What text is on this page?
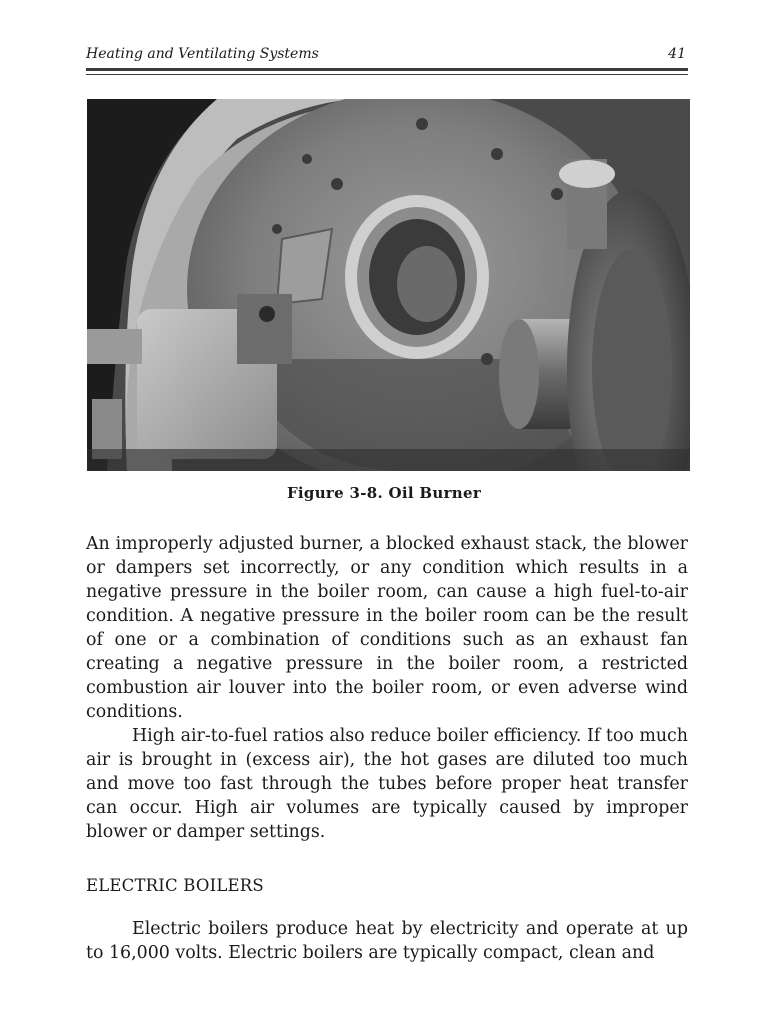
Heating and Ventilating Systems	41
Figure 3-8. Oil Burner

An improperly adjusted burner, a blocked exhaust stack, the blower or dampers set incorrectly, or any condition which results in a negative pressure in the boiler room, can cause a high fuel-to-air condition. A negative pressure in the boiler room can be the result of one or a combination of conditions such as an exhaust fan creating a negative pressure in the boiler room, a restricted combustion air louver into the boiler room, or even adverse wind conditions.

High air-to-fuel ratios also reduce boiler efficiency. If too much air is brought in (excess air), the hot gases are diluted too much and move too fast through the tubes before proper heat transfer can occur. High air volumes are typically caused by improper blower or damper settings.

ELECTRIC BOILERS

Electric boilers produce heat by electricity and operate at up to 16,000 volts. Electric boilers are typically compact, clean and
